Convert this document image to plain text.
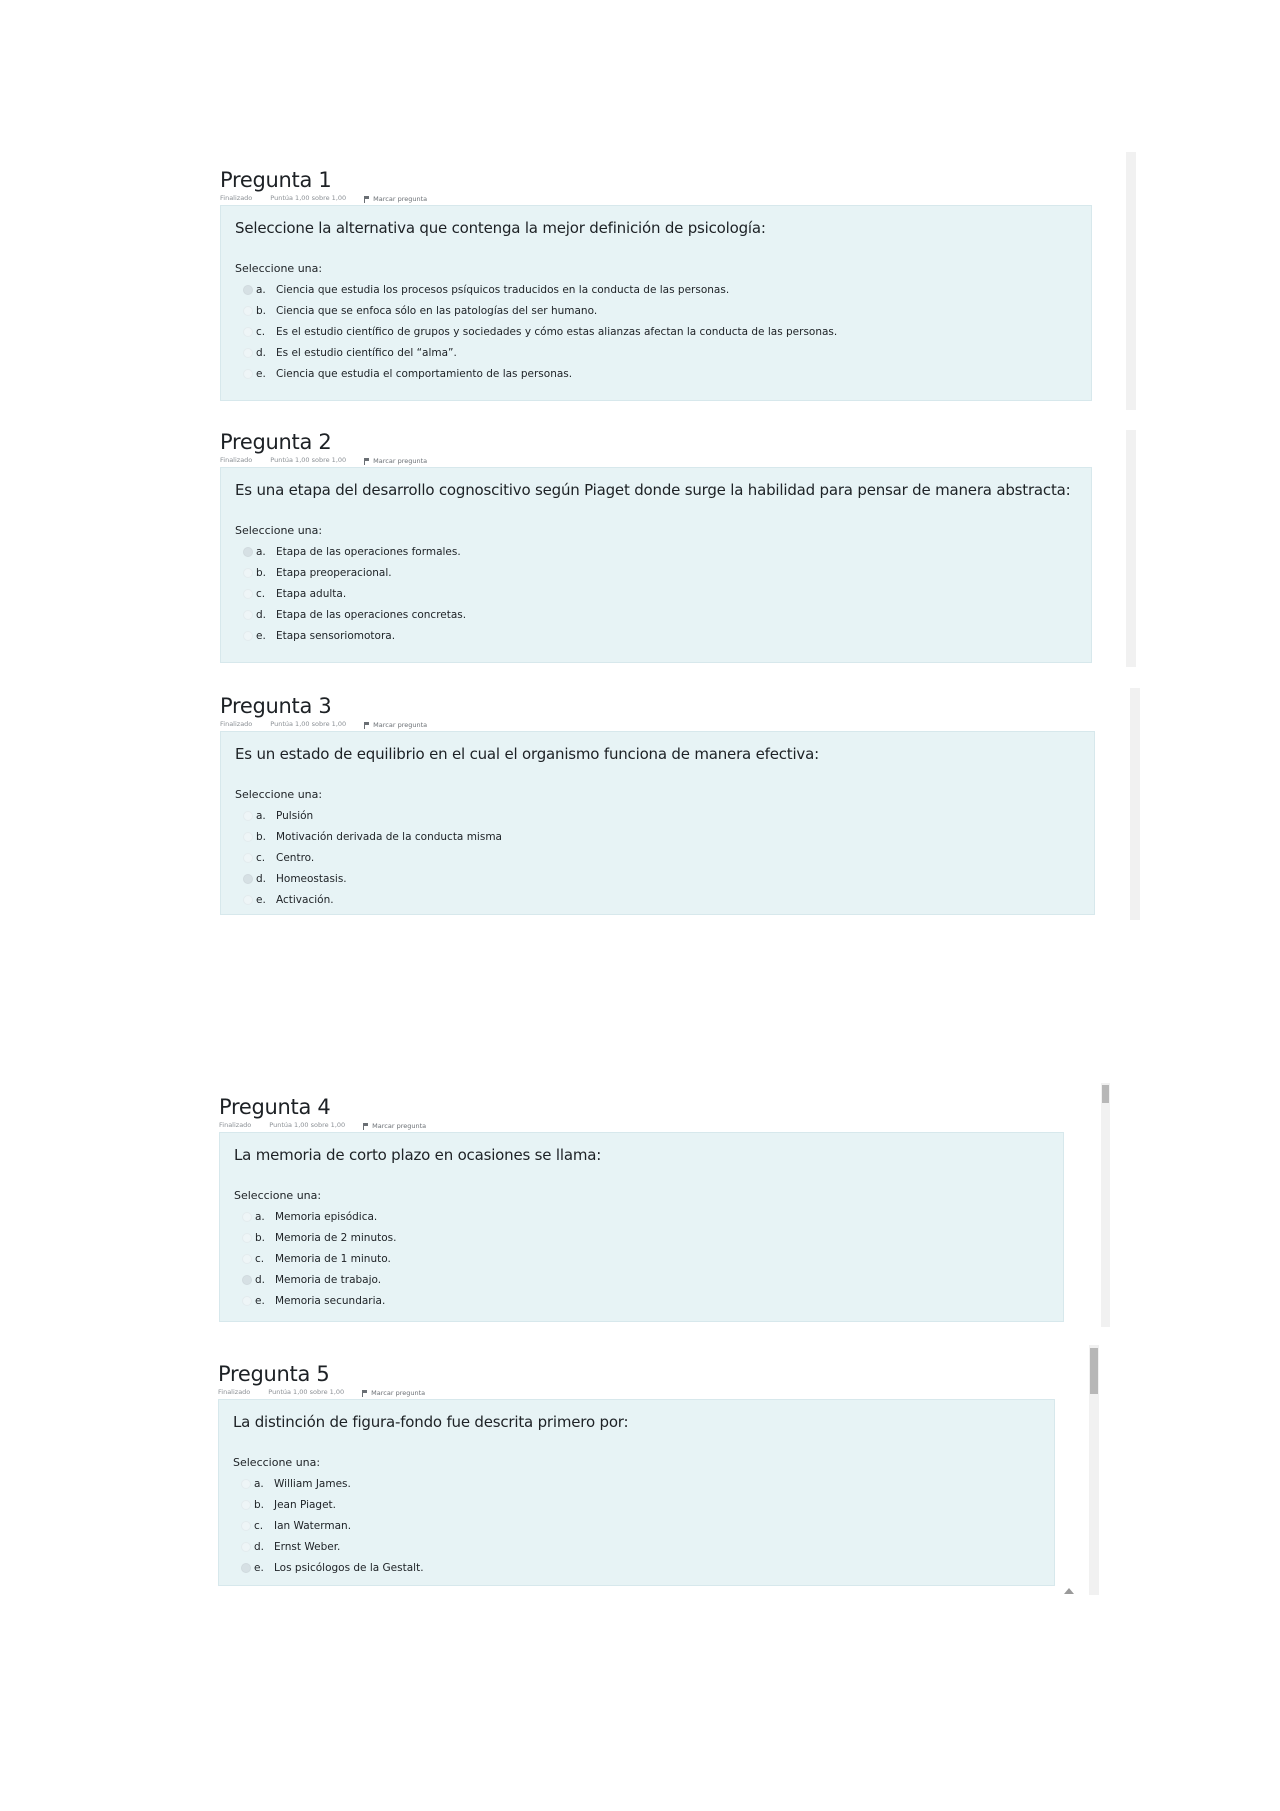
Pregunta 1
Finalizado	Puntúa 1,00 sobre 1,00	Marcar pregunta

Seleccione la alternativa que contenga la mejor definición de psicología:

Seleccione una:

a. Ciencia que estudia los procesos psíquicos traducidos en la conducta de las personas.
b. Ciencia que se enfoca sólo en las patologías del ser humano.
c.	Es el estudio científico de grupos y sociedades y cómo estas alianzas afectan la conducta de las personas.
d. Es el estudio científico del “alma”.
e. Ciencia que estudia el comportamiento de las personas.
Pregunta 2
Finalizado	Puntúa 1,00 sobre 1,00	Marcar pregunta

Es una etapa del desarrollo cognoscitivo según Piaget donde surge la habilidad para pensar de manera abstracta:

Seleccione una:

a. Etapa de las operaciones formales.
b. Etapa preoperacional.
c.	Etapa adulta.
d. Etapa de las operaciones concretas.
e. Etapa sensoriomotora.
Pregunta 3
Finalizado	Puntúa 1,00 sobre 1,00	Marcar pregunta

Es un estado de equilibrio en el cual el organismo funciona de manera efectiva:

Seleccione una:

a. Pulsión
b. Motivación derivada de la conducta misma
c.	Centro.
d. Homeostasis.
e. Activación.
Pregunta 4
Finalizado	Puntúa 1,00 sobre 1,00	Marcar pregunta

La memoria de corto plazo en ocasiones se llama:

Seleccione una:

a. Memoria episódica.
b. Memoria de 2 minutos.
c.	Memoria de 1 minuto.
d. Memoria de trabajo.
e. Memoria secundaria.
Pregunta 5
Finalizado	Puntúa 1,00 sobre 1,00	Marcar pregunta

La distinción de figura-fondo fue descrita primero por:

Seleccione una:

a. William James.
b. Jean Piaget.
c.	Ian Waterman.
d. Ernst Weber.
e. Los psicólogos de la Gestalt.
